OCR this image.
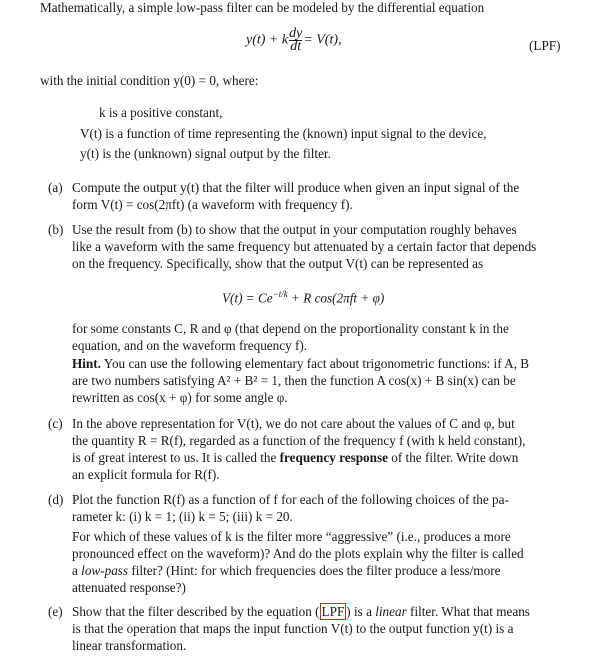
Mathematically, a simple low-pass filter can be modeled by the differential equation
y(t) + k $\frac{dy}{dt} = V(t)$,	(LPF)
with the initial condition y(0) = 0, where:
k is a positive constant,
V(t) is a function of time representing the (known) input signal to the device,
y(t) is the (unknown) signal output by the filter.
(a) Compute the output y(t) that the filter will produce when given an input signal of the
form V(t) = cos(2πft) (a waveform with frequency f).
(b) Use the result from (b) to show that the output in your computation roughly behaves
like a waveform with the same frequency but attenuated by a certain factor that depends
on the frequency. Specifically, show that the output V(t) can be represented as
$V(t) = Ce^{-t/k} + R$ cos(2πft + φ)
for some constants C, R and φ (that depend on the proportionality constant k in the
equation, and on the waveform frequency f).
Hint. You can use the following elementary fact about trigonometric functions: if A, B
are two numbers satisfying A² + B² = 1, then the function A cos(x) + B sin(x) can be
rewritten as cos(x + φ) for some angle φ.
(c) In the above representation for V(t), we do not care about the values of C and φ, but
the quantity R = R(f), regarded as a function of the frequency f (with k held constant),
is of great interest to us. It is called the frequency response of the filter. Write down
an explicit formula for R(f).
(d) Plot the function R(f) as a function of f for each of the following choices of the pa-
rameter k: (i) k = 1; (ii) k = 5; (iii) k = 20.
For which of these values of k is the filter more “aggressive” (i.e., produces a more
pronounced effect on the waveform)? And do the plots explain why the filter is called
a low-pass filter? (Hint: for which frequencies does the filter produce a less/more
attenuated response?)
(e) Show that the filter described by the equation ( LPF ) is a linear filter. What that means
is that the operation that maps the input function V(t) to the output function y(t) is a
linear transformation.
